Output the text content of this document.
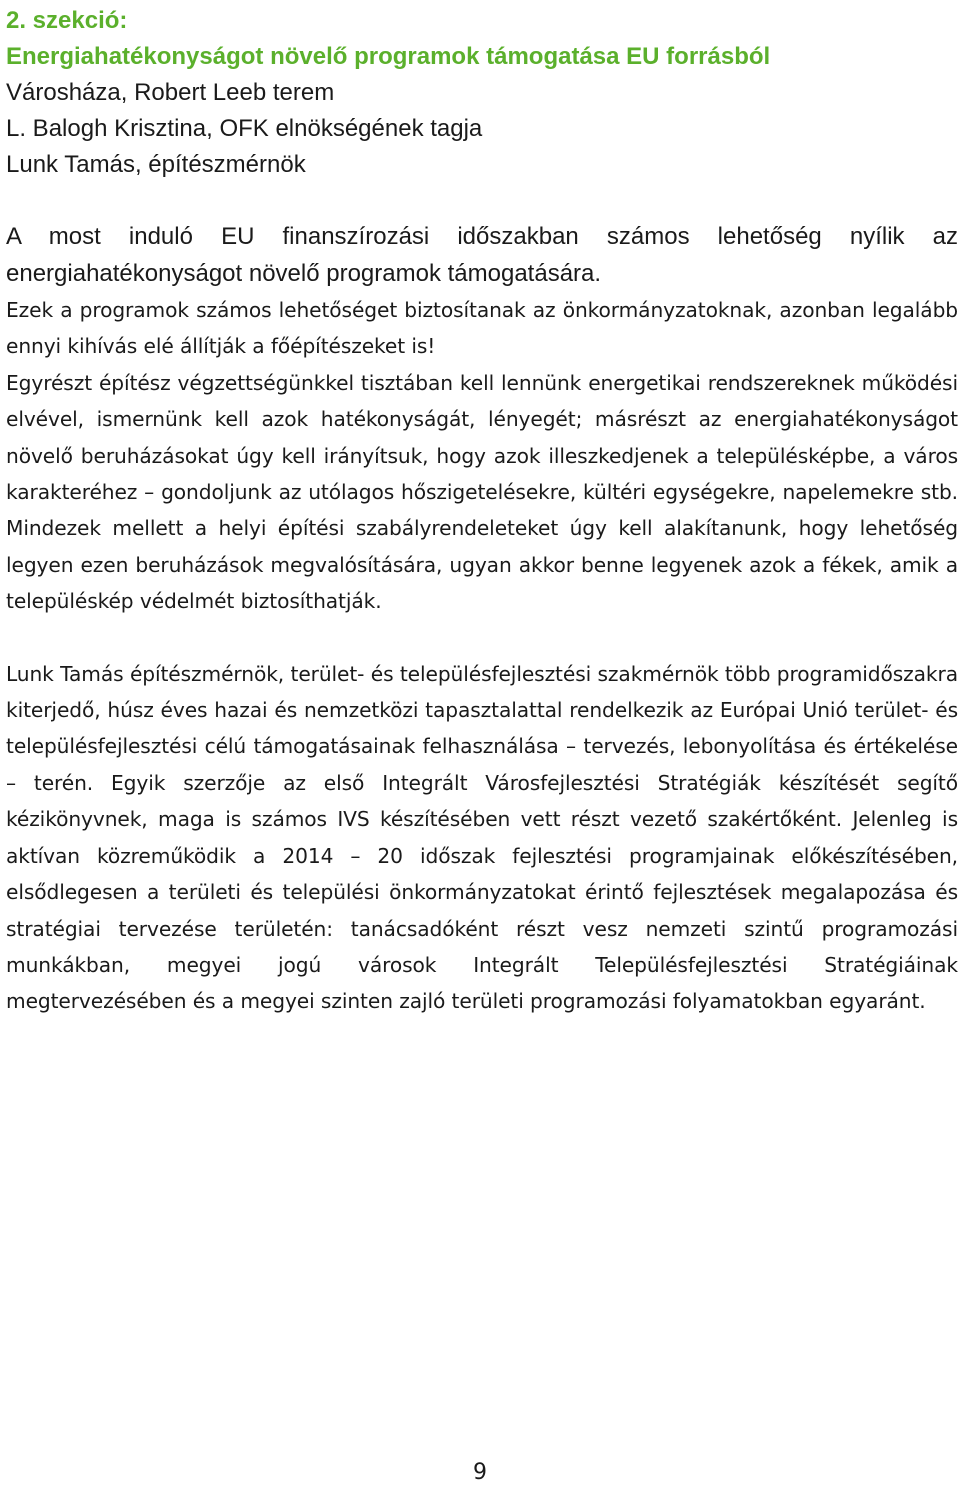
2. szekció:

Energiahatékonyságot növelő programok támogatása EU forrásból

Városháza, Robert Leeb terem

L. Balogh Krisztina, OFK elnökségének tagja

Lunk Tamás, építészmérnök

A most induló EU finanszírozási időszakban számos lehetőség nyílik az energiahatékonyságot növelő programok támogatására.

Ezek a programok számos lehetőséget biztosítanak az önkormányzatoknak, azonban legalább ennyi kihívás elé állítják a főépítészeket is!

Egyrészt építész végzettségünkkel tisztában kell lennünk energetikai rendszereknek működési elvével, ismernünk kell azok hatékonyságát, lényegét; másrészt az energiahatékonyságot növelő beruházásokat úgy kell irányítsuk, hogy azok illeszkedjenek a településképbe, a város karakteréhez – gondoljunk az utólagos hőszigetelésekre, kültéri egységekre, napelemekre stb. Mindezek mellett a helyi építési szabályrendeleteket úgy kell alakítanunk, hogy lehetőség legyen ezen beruházások megvalósítására, ugyan akkor benne legyenek azok a fékek, amik a településkép védelmét biztosíthatják.

Lunk Tamás építészmérnök, terület- és településfejlesztési szakmérnök több programidőszakra kiterjedő, húsz éves hazai és nemzetközi tapasztalattal rendelkezik az Európai Unió terület- és településfejlesztési célú támogatásainak felhasználása – tervezés, lebonyolítása és értékelése – terén. Egyik szerzője az első Integrált Városfejlesztési Stratégiák készítését segítő kézikönyvnek, maga is számos IVS készítésében vett részt vezető szakértőként. Jelenleg is aktívan közreműködik a 2014 – 20 időszak fejlesztési programjainak előkészítésében, elsődlegesen a területi és települési önkormányzatokat érintő fejlesztések megalapozása és stratégiai tervezése területén: tanácsadóként részt vesz nemzeti szintű programozási munkákban, megyei jogú városok Integrált Településfejlesztési Stratégiáinak megtervezésében és a megyei szinten zajló területi programozási folyamatokban egyaránt.

9
